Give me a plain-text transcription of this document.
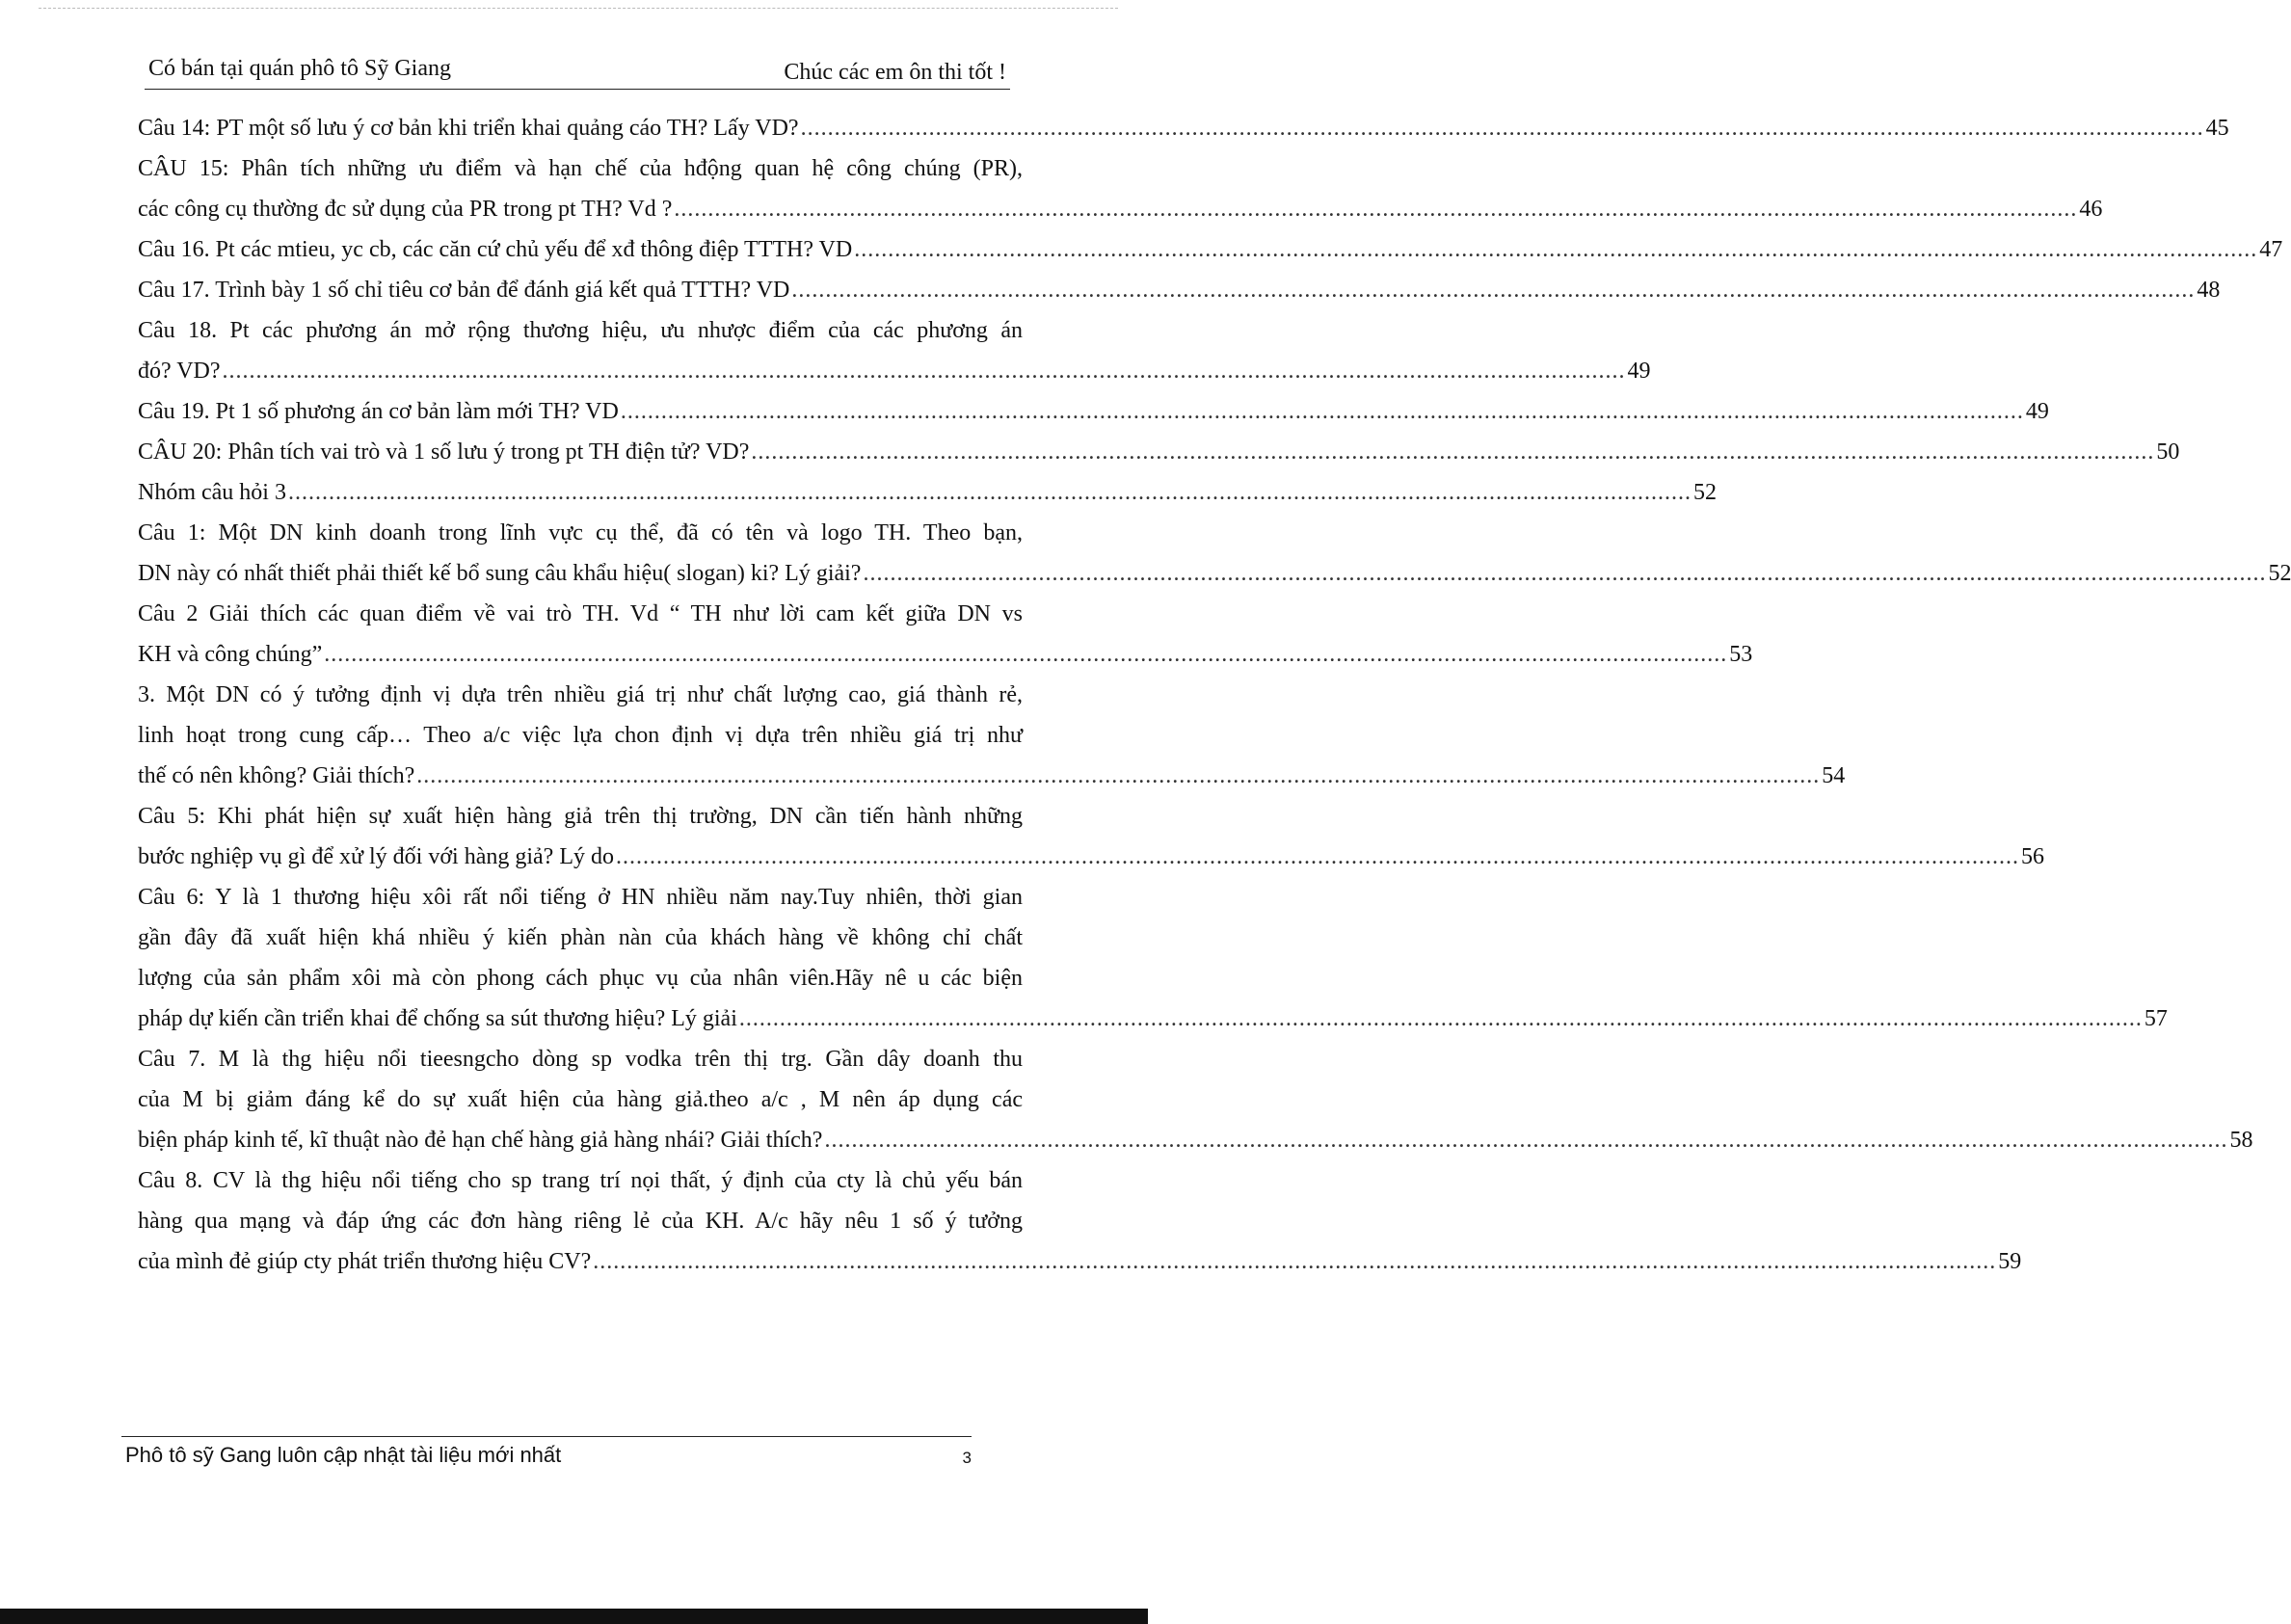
Có bán tại quán phô tô Sỹ Giang	Chúc các em ôn thi tốt !
Câu 14: PT một số lưu ý cơ bản khi triển khai quảng cáo TH? Lấy VD? .....	45
CÂU 15: Phân tích những ưu điểm và hạn chế của hđộng quan hệ công chúng (PR),
các công cụ thường đc sử dụng của PR trong pt TH? Vd ? .....	46
Câu 16. Pt các mtieu, yc cb, các căn cứ chủ yếu để xđ thông điệp TTTH? VD .....	47
Câu 17. Trình bày 1 số chỉ tiêu cơ bản để đánh giá kết quả TTTH? VD .....	48
Câu 18. Pt các phương án mở rộng thương hiệu, ưu nhược điểm của các phương án
đó? VD? .....	49
Câu 19. Pt 1 số phương án cơ bản làm mới TH? VD .....	49
CÂU 20: Phân tích vai trò và 1 số lưu ý trong pt TH điện tử? VD? .....	50
Nhóm câu hỏi 3 .....	52
Câu 1: Một DN kinh doanh trong lĩnh vực cụ thể, đã có tên và logo TH. Theo bạn,
DN này có nhất thiết phải thiết kế bổ sung câu khẩu hiệu( slogan) ki? Lý giải? .....	52
Câu 2 Giải thích các quan điểm về vai trò TH. Vd “ TH như lời cam kết giữa DN vs
KH và công chúng” .....	53
3. Một DN có ý tưởng định vị dựa trên nhiều giá trị như chất lượng cao, giá thành rẻ,
linh hoạt trong cung cấp… Theo a/c việc lựa chon định vị dựa trên nhiều giá trị như
thế có nên không? Giải thích? .....	54
Câu 5: Khi phát hiện sự xuất hiện hàng giả trên thị trường, DN cần tiến hành những
bước nghiệp vụ gì để xử lý đối với hàng giả? Lý do .....	56
Câu 6: Y là 1 thương hiệu xôi rất nổi tiếng ở HN nhiều năm nay.Tuy nhiên, thời gian
gần đây đã xuất hiện khá nhiều ý kiến phàn nàn của khách hàng về không chỉ chất
lượng của sản phẩm xôi mà còn phong cách phục vụ của nhân viên.Hãy nê u các biện
pháp dự kiến cần triển khai để chống sa sút thương hiệu? Lý giải .....	57
Câu 7. M là thg hiệu nổi tieesngcho dòng sp vodka trên thị trg. Gần dây doanh thu
của M bị giảm đáng kể do sự xuất hiện của hàng giả.theo a/c , M nên áp dụng các
biện pháp kinh tế, kĩ thuật nào đẻ hạn chế hàng giả hàng nhái? Giải thích? .....	58
Câu 8. CV là thg hiệu nổi tiếng cho sp trang trí nọi thất, ý định của cty là chủ yếu bán
hàng qua mạng và đáp ứng các đơn hàng riêng lẻ của KH. A/c hãy nêu 1 số ý tưởng
của mình đẻ giúp cty phát triển thương hiệu CV? .....	59
Phô tô sỹ Gang luôn cập nhật tài liệu mới nhất	3
